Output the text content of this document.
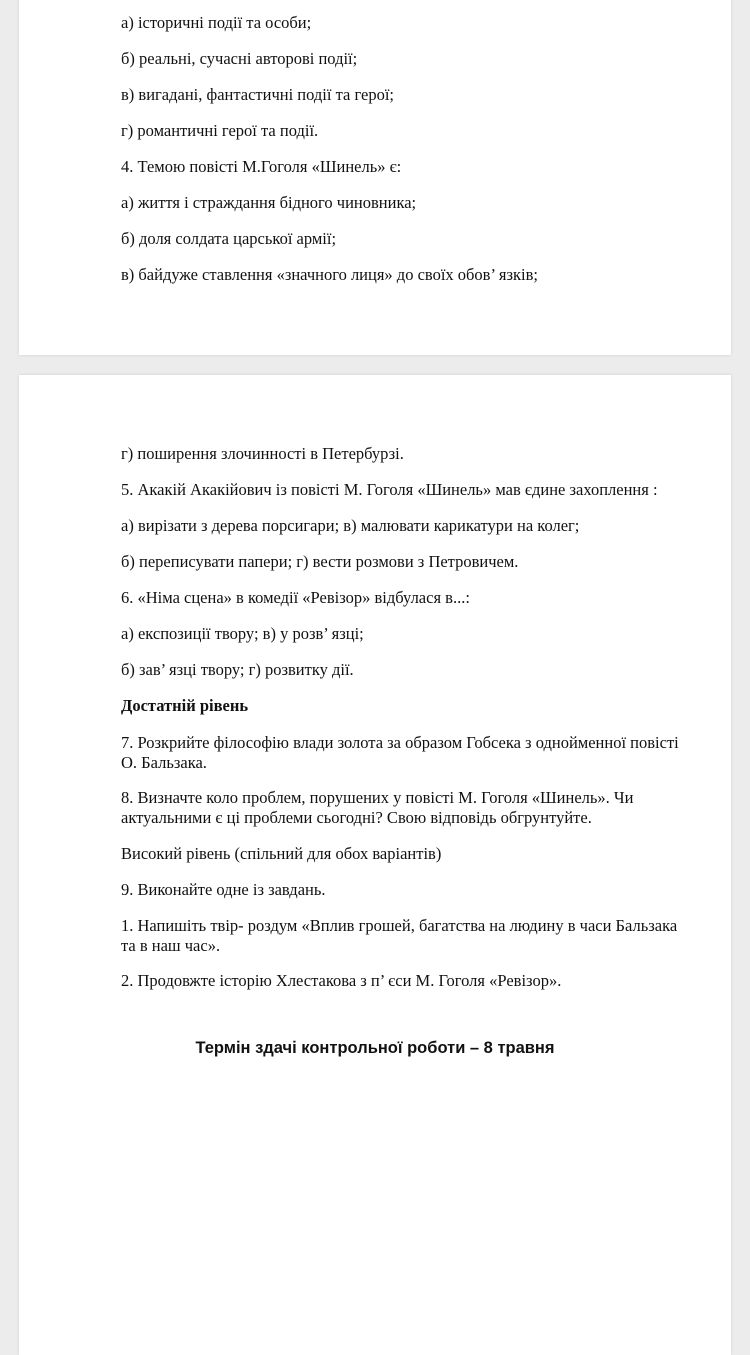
а) історичні події та особи;

б) реальні, сучасні авторові події;

в) вигадані, фантастичні події та герої;

г) романтичні герої та події.

4. Темою повісті М.Гоголя «Шинель» є:

а) життя і страждання бідного чиновника;

б) доля солдата царської армії;

в) байдуже ставлення «значного лиця» до своїх обов’ язків;

г) поширення злочинності в Петербурзі.

5. Акакій Акакійович із повісті М. Гоголя «Шинель» мав єдине захоплення :

а) вирізати з дерева порсигари; в) малювати карикатури на колег;

б) переписувати папери; г) вести розмови з Петровичем.

6. «Німа сцена» в комедії «Ревізор» відбулася в...:

а) експозиції твору; в) у розв’ язці;

б) зав’ язці твору; г) розвитку дії.

Достатній рівень

7. Розкрийте філософію влади золота за образом Гобсека з однойменної повісті О. Бальзака.

8. Визначте коло проблем, порушених у повісті М. Гоголя «Шинель». Чи актуальними є ці проблеми сьогодні? Свою відповідь обгрунтуйте.

Високий рівень (спільний для обох варіантів)

9. Виконайте одне із завдань.

1. Напишіть твір- роздум «Вплив грошей, багатства на людину в часи Бальзака та в наш час».

2. Продовжте історію Хлестакова з п’ єси М. Гоголя «Ревізор».

Термін здачі контрольної роботи – 8 травня
